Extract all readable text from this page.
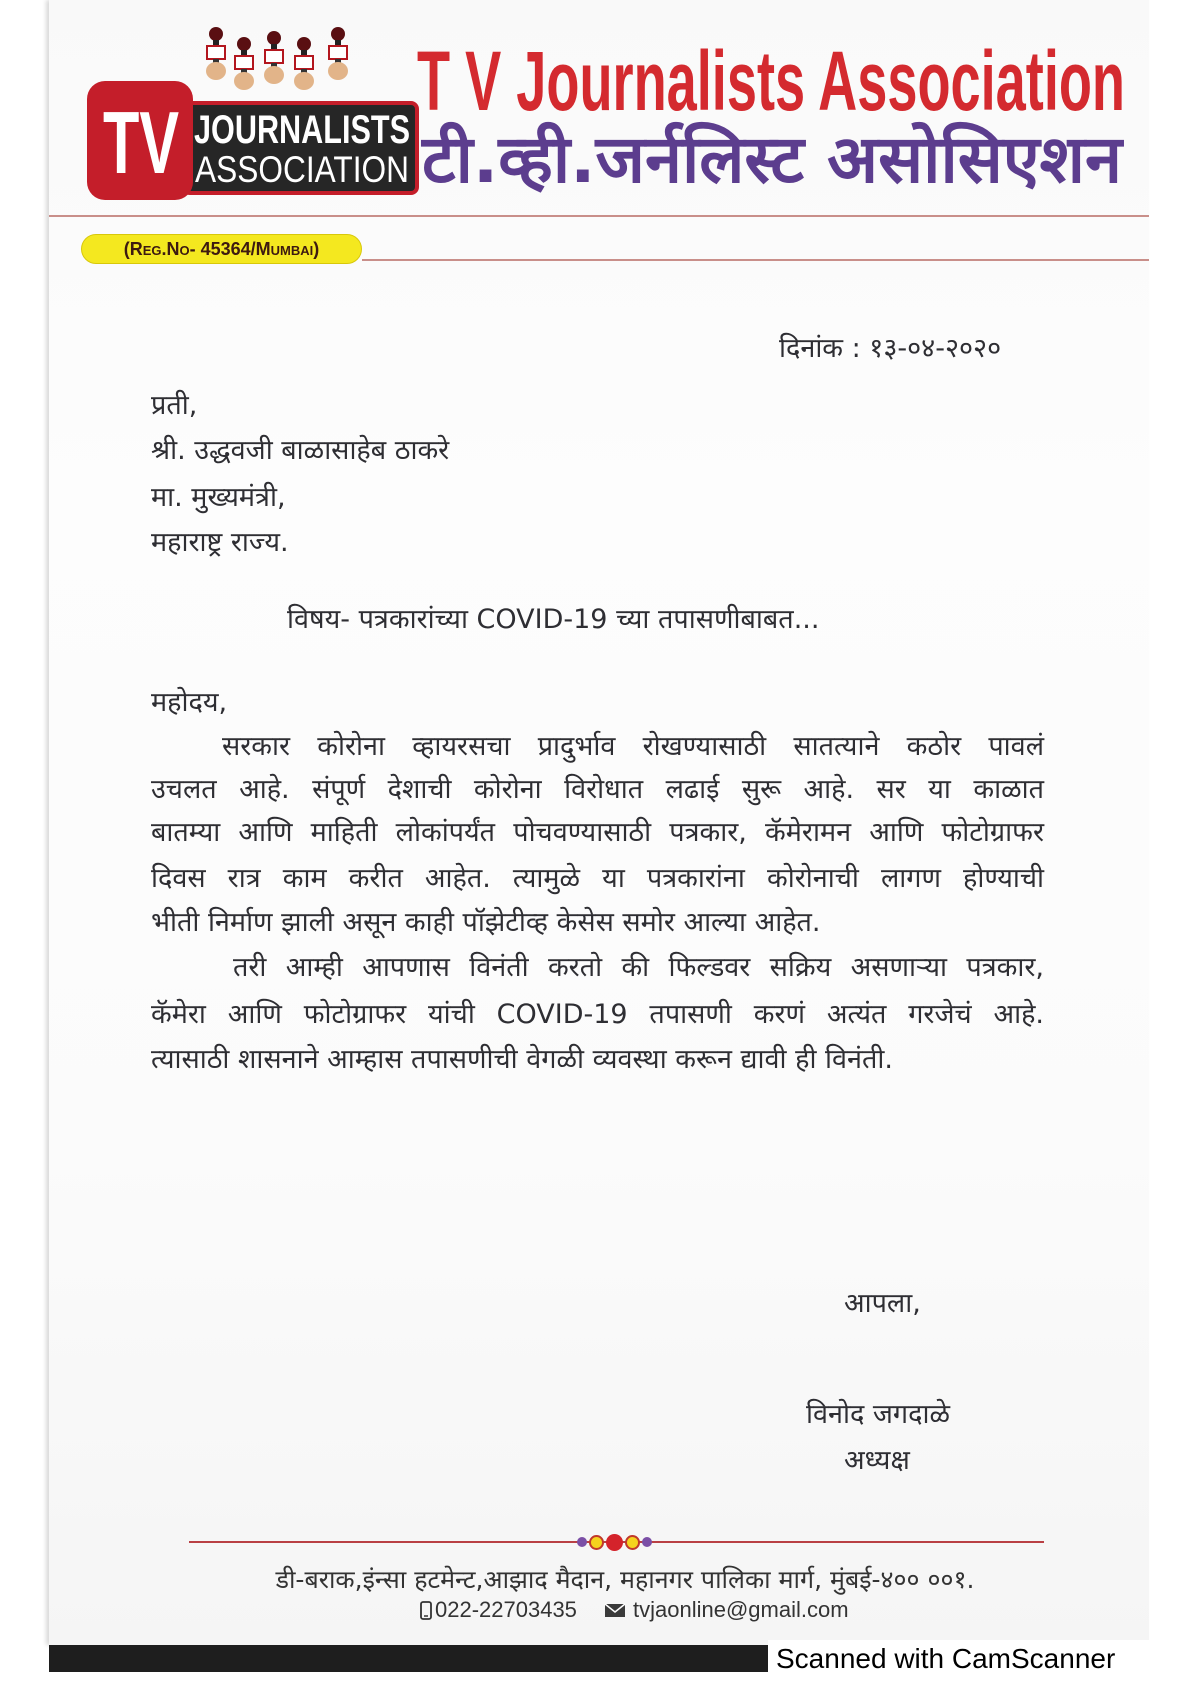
TV JOURNALISTS
ASSOCIATION
T V Journalists Association
टी.व्ही.जर्नलिस्ट असोसिएशन
(Reg.No- 45364/Mumbai)
दिनांक : १३-०४-२०२०
प्रती,
श्री. उद्धवजी बाळासाहेब ठाकरे
मा. मुख्यमंत्री,
महाराष्ट्र राज्य.
विषय- पत्रकारांच्या COVID-19 च्या तपासणीबाबत...
महोदय,
सरकार कोरोना व्हायरसचा प्रादुर्भाव रोखण्यासाठी सातत्याने कठोर पावलं
उचलत आहे. संपूर्ण देशाची कोरोना विरोधात लढाई सुरू आहे. सर या काळात
बातम्या आणि माहिती लोकांपर्यंत पोचवण्यासाठी पत्रकार, कॅमेरामन आणि फोटोग्राफर
दिवस रात्र काम करीत आहेत. त्यामुळे या पत्रकारांना कोरोनाची लागण होण्याची
भीती निर्माण झाली असून काही पॉझेटीव्ह केसेस समोर आल्या आहेत.
तरी आम्ही आपणास विनंती करतो की फिल्डवर सक्रिय असणाऱ्या पत्रकार,
कॅमेरा आणि फोटोग्राफर यांची COVID-19 तपासणी करणं अत्यंत गरजेचं आहे.
त्यासाठी शासनाने आम्हास तपासणीची वेगळी व्यवस्था करून द्यावी ही विनंती.
आपला,
विनोद जगदाळे
अध्यक्ष
डी-बराक,इंन्सा हटमेन्ट,आझाद मैदान, महानगर पालिका मार्ग, मुंबई-४०० ००१.
022-22703435	tvjaonline@gmail.com
Scanned with CamScanner
